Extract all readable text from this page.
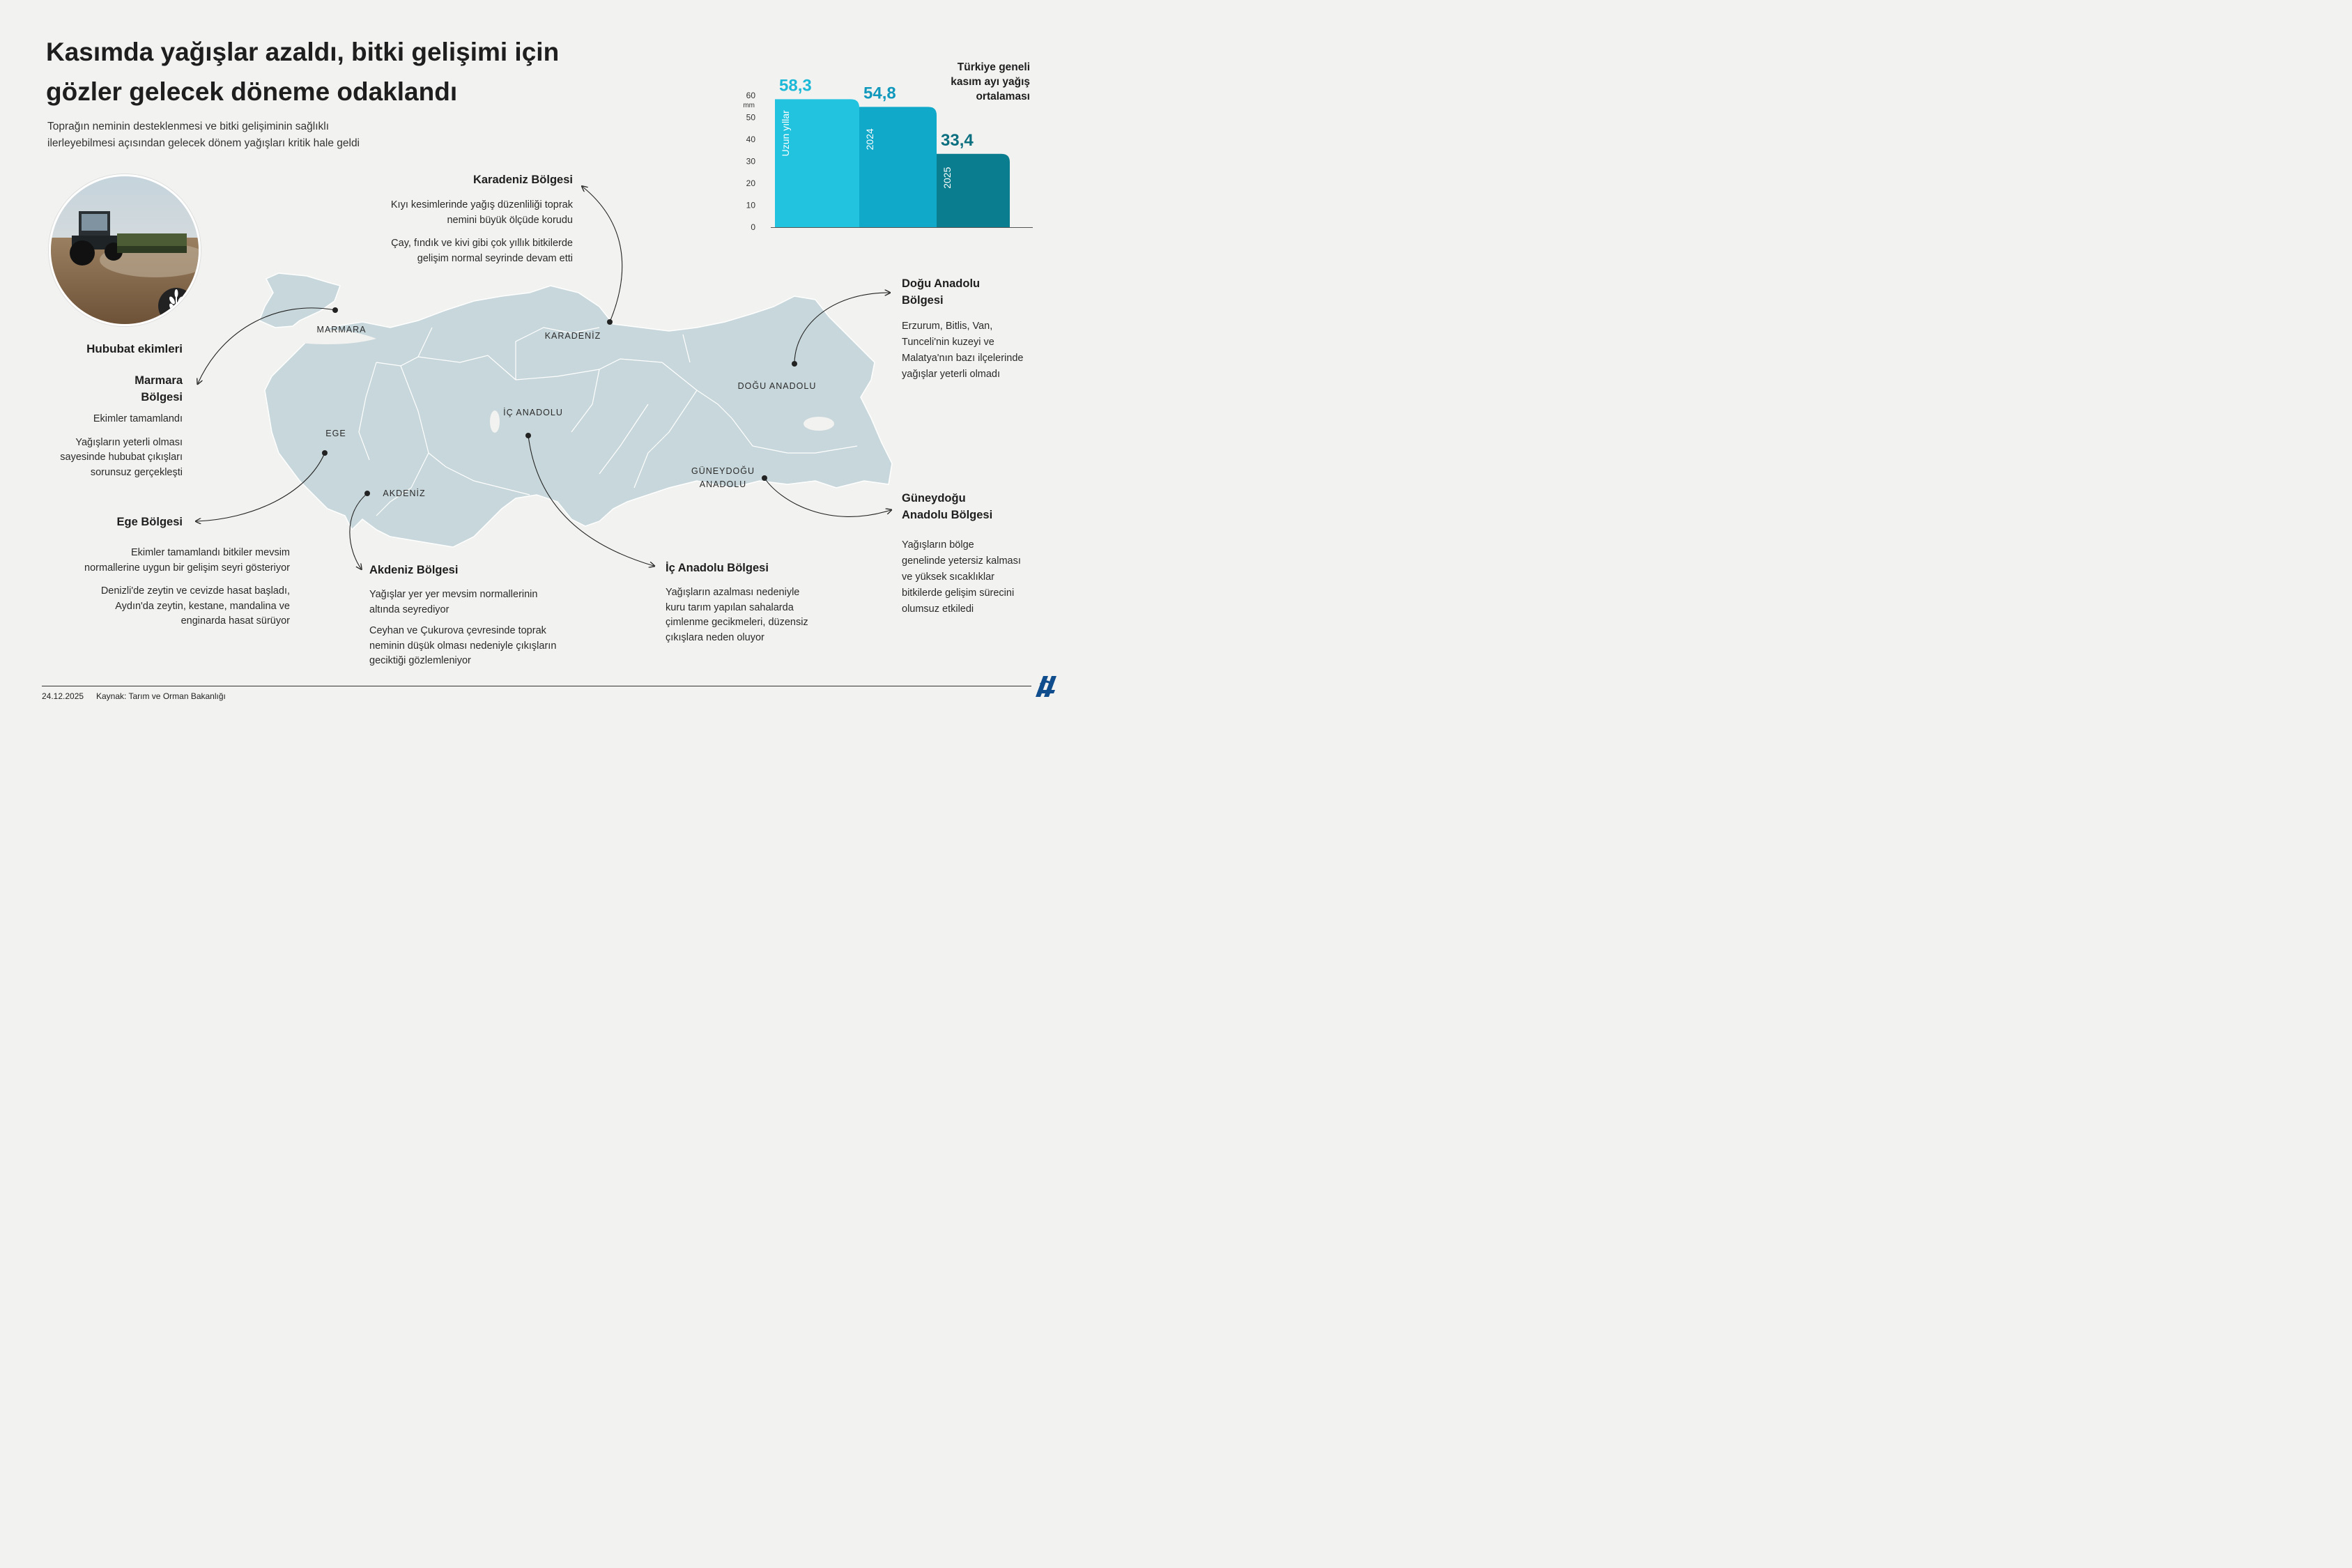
Kasımda yağışlar azaldı, bitki gelişimi için
gözler gelecek döneme odaklandı
Toprağın neminin desteklenmesi ve bitki gelişiminin sağlıklı
ilerleyebilmesi açısından gelecek dönem yağışları kritik hale geldi
MARMARA
KARADENİZ
EGE
İÇ ANADOLU
DOĞU ANADOLU
AKDENİZ
GÜNEYDOĞU
ANADOLU
Hububat ekimleri
Marmara
Bölgesi
Ekimler tamamlandı
Yağışların yeterli olması
sayesinde hububat çıkışları
sorunsuz gerçekleşti
Ege Bölgesi
Ekimler tamamlandı bitkiler mevsim
normallerine uygun bir gelişim seyri gösteriyor
Denizli'de zeytin ve cevizde hasat başladı,
Aydın'da zeytin, kestane, mandalina ve
enginarda hasat sürüyor
Karadeniz Bölgesi
Kıyı kesimlerinde yağış düzenliliği toprak
nemini büyük ölçüde korudu
Çay, fındık ve kivi gibi çok yıllık bitkilerde
gelişim normal seyrinde devam etti
Akdeniz Bölgesi
Yağışlar yer yer mevsim normallerinin
altında seyrediyor
Ceyhan ve Çukurova çevresinde toprak
neminin düşük olması nedeniyle çıkışların
geciktiği gözlemleniyor
İç Anadolu Bölgesi
Yağışların azalması nedeniyle
kuru tarım yapılan sahalarda
çimlenme gecikmeleri, düzensiz
çıkışlara neden oluyor
Doğu Anadolu
Bölgesi
Erzurum, Bitlis, Van,
Tunceli'nin kuzeyi ve
Malatya'nın bazı ilçelerinde
yağışlar yeterli olmadı
Güneydoğu
Anadolu Bölgesi
Yağışların bölge
genelinde yetersiz kalması
ve yüksek sıcaklıklar
bitkilerde gelişim sürecini
olumsuz etkiledi
Türkiye geneli
kasım ayı yağış
ortalaması
0
10
20
30
40
50
60
mm
Uzun yıllar
58,3
2024
54,8
2025
33,4
24.12.2025 Kaynak: Tarım ve Orman Bakanlığı
